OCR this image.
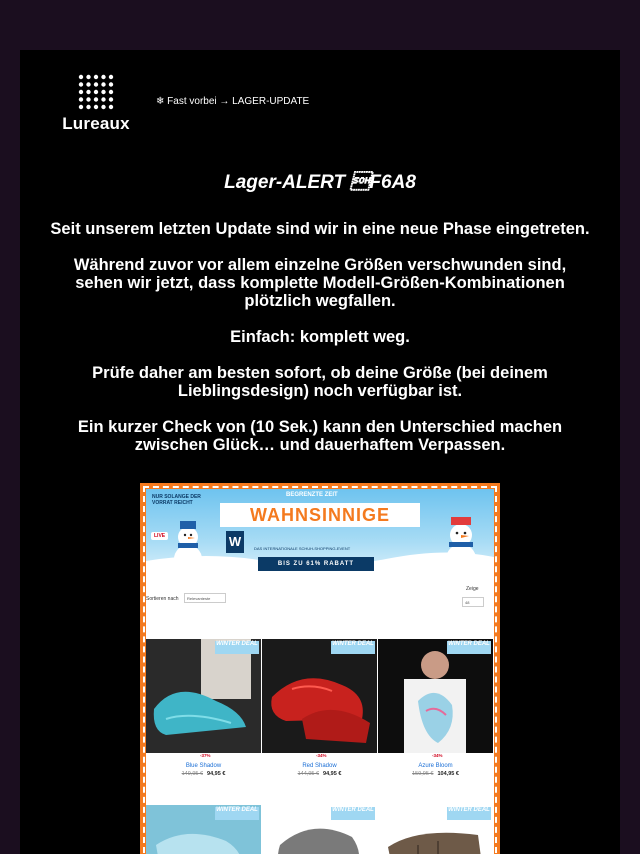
Lureaux
❄ Fast vorbei → LAGER-UPDATE
Lager-ALERT F6A8

Seit unserem letzten Update sind wir in eine neue Phase eingetreten.

Während zuvor vor allem einzelne Größen verschwunden sind, sehen wir jetzt, dass komplette Modell-Größen-Kombinationen plötzlich wegfallen.

Einfach: komplett weg.

Prüfe daher am besten sofort, ob deine Größe (bei deinem Lieblingsdesign) noch verfügbar ist.

Ein kurzer Check von (10 Sek.) kann den Unterschied machen zwischen Glück… und dauerhaftem Verpassen.

NUR SOLANGE DER VORRAT REICHT
BEGRENZTE ZEIT
WAHNSINNIGE
LIVE	W	DAS INTERNATIONALE SCHUH-SHOPPING-EVENT
BIS ZU 61% RABATT
Sortieren nach	Relevanteste
Zeige
48
WINTER DEAL
-37%
Blue Shadow
149,95 € 94,95 €
WINTER DEAL
-34%
Red Shadow
144,95 € 94,95 €
WINTER DEAL
-34%
Azure Bloom
159,95 € 104,95 €
WINTER DEAL	WINTER DEAL	WINTER DEAL
